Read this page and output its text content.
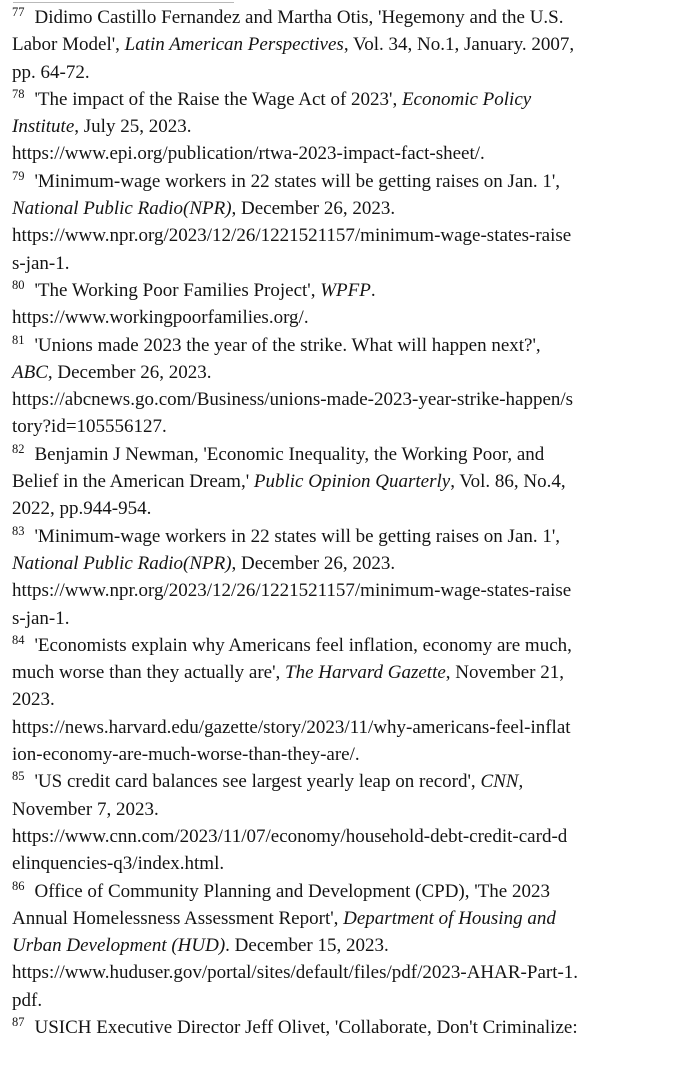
77 Didimo Castillo Fernandez and Martha Otis, 'Hegemony and the U.S.
Labor Model', Latin American Perspectives, Vol. 34, No.1, January. 2007,
pp. 64-72.
78 'The impact of the Raise the Wage Act of 2023', Economic Policy
Institute, July 25, 2023.
https://www.epi.org/publication/rtwa-2023-impact-fact-sheet/.
79 'Minimum-wage workers in 22 states will be getting raises on Jan. 1',
National Public Radio(NPR), December 26, 2023.
https://www.npr.org/2023/12/26/1221521157/minimum-wage-states-raise
s-jan-1.
80 'The Working Poor Families Project', WPFP.
https://www.workingpoorfamilies.org/.
81 'Unions made 2023 the year of the strike. What will happen next?',
ABC, December 26, 2023.
https://abcnews.go.com/Business/unions-made-2023-year-strike-happen/s
tory?id=105556127.
82 Benjamin J Newman, 'Economic Inequality, the Working Poor, and
Belief in the American Dream,' Public Opinion Quarterly, Vol. 86, No.4,
2022, pp.944-954.
83 'Minimum-wage workers in 22 states will be getting raises on Jan. 1',
National Public Radio(NPR), December 26, 2023.
https://www.npr.org/2023/12/26/1221521157/minimum-wage-states-raise
s-jan-1.
84 'Economists explain why Americans feel inflation, economy are much,
much worse than they actually are', The Harvard Gazette, November 21,
2023.
https://news.harvard.edu/gazette/story/2023/11/why-americans-feel-inflat
ion-economy-are-much-worse-than-they-are/.
85 'US credit card balances see largest yearly leap on record', CNN,
November 7, 2023.
https://www.cnn.com/2023/11/07/economy/household-debt-credit-card-d
elinquencies-q3/index.html.
86 Office of Community Planning and Development (CPD), 'The 2023
Annual Homelessness Assessment Report', Department of Housing and
Urban Development (HUD). December 15, 2023.
https://www.huduser.gov/portal/sites/default/files/pdf/2023-AHAR-Part-1.
pdf.
87 USICH Executive Director Jeff Olivet, 'Collaborate, Don't Criminalize:
